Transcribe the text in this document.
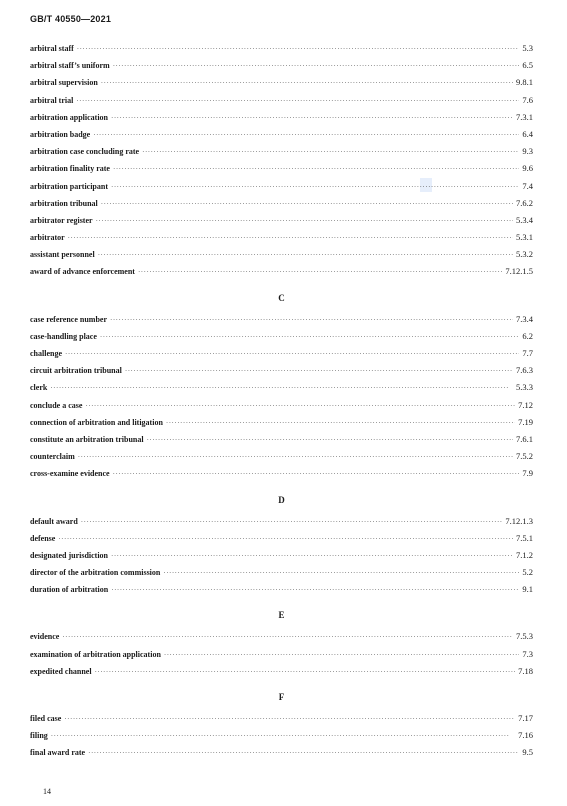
GB/T 40550—2021
arbitral staff ·····	5.3
arbitral staff’s uniform ·····	6.5
arbitral supervision ·····	9.8.1
arbitral trial ·····	7.6
arbitration application ·····	7.3.1
arbitration badge ·····	6.4
arbitration case concluding rate ·····	9.3
arbitration finality rate ·····	9.6
arbitration participant ·····	7.4
arbitration tribunal ·····	7.6.2
arbitrator register ·····	5.3.4
arbitrator ·····	5.3.1
assistant personnel ·····	5.3.2
award of advance enforcement ·····	7.12.1.5
C
case reference number ·····	7.3.4
case-handling place ·····	6.2
challenge ·····	7.7
circuit arbitration tribunal ·····	7.6.3
clerk ·····	5.3.3
conclude a case ·····	7.12
connection of arbitration and litigation ·····	7.19
constitute an arbitration tribunal ·····	7.6.1
counterclaim ·····	7.5.2
cross-examine evidence ·····	7.9
D
default award ·····	7.12.1.3
defense ·····	7.5.1
designated jurisdiction ·····	7.1.2
director of the arbitration commission ·····	5.2
duration of arbitration ·····	9.1
E
evidence ·····	7.5.3
examination of arbitration application ·····	7.3
expedited channel ·····	7.18
F
filed case ·····	7.17
filing ·····	7.16
final award rate ·····	9.5
14
